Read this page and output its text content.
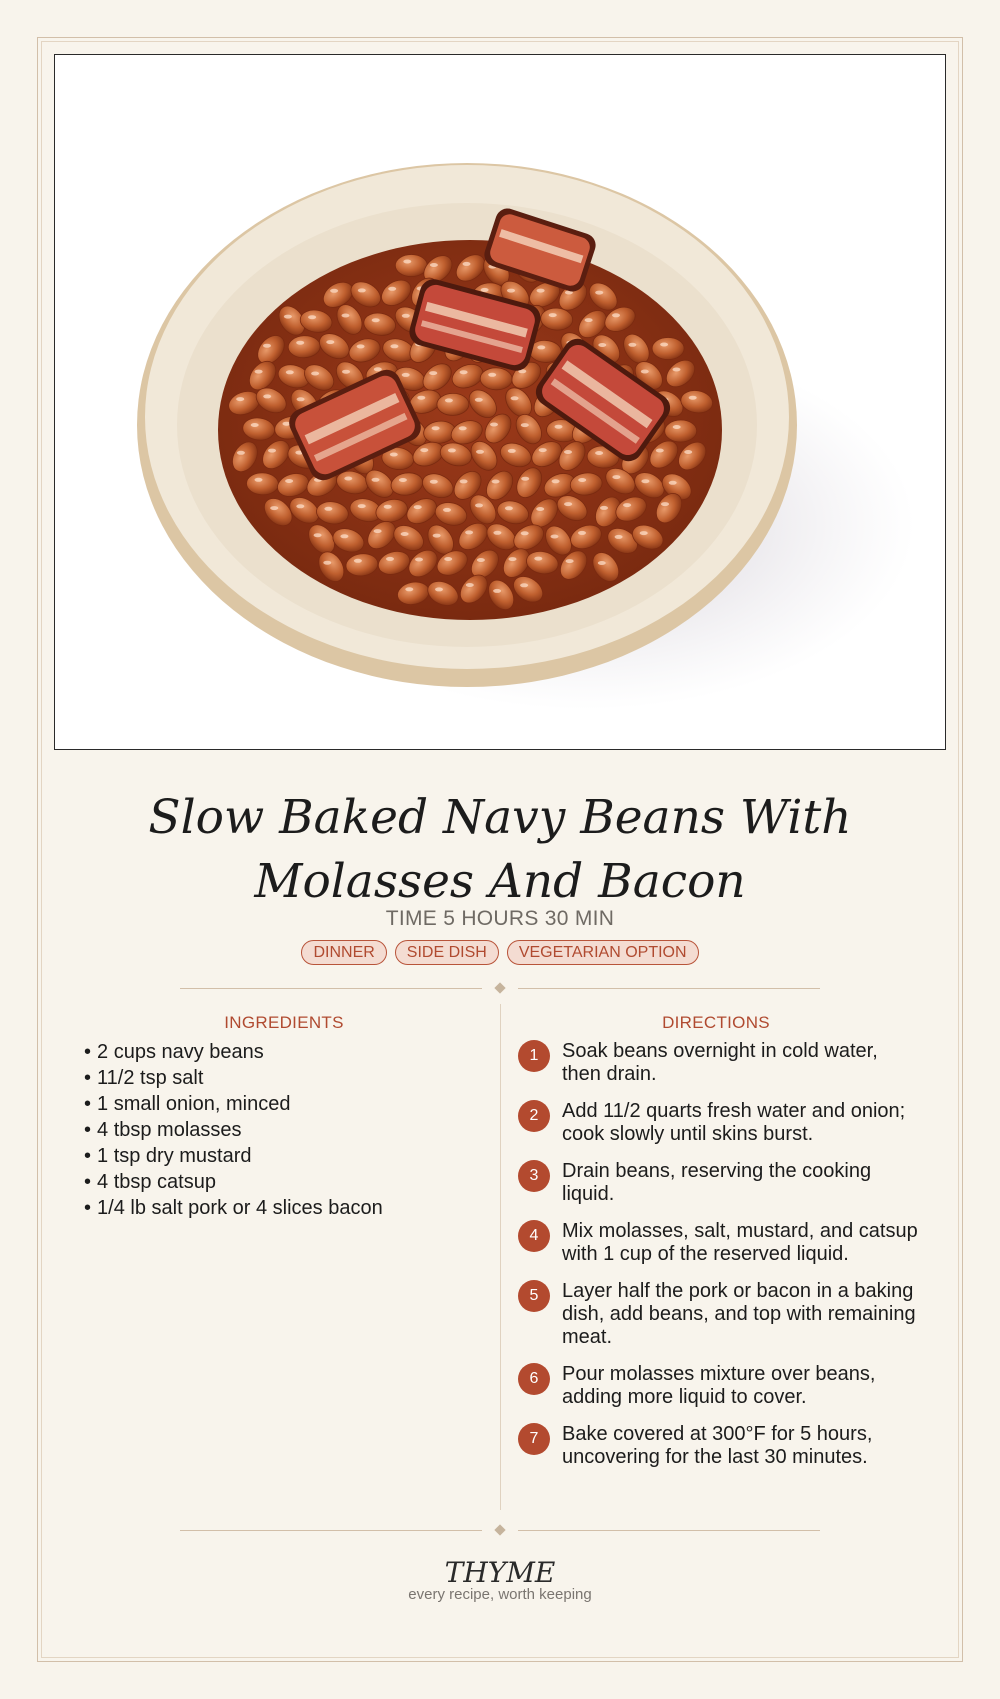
Slow Baked Navy Beans With Molasses And Bacon
TIME 5 HOURS 30 MIN
DINNER	SIDE DISH	VEGETARIAN OPTION
INGREDIENTS
• 2 cups navy beans
• 11/2 tsp salt
• 1 small onion, minced
• 4 tbsp molasses
• 1 tsp dry mustard
• 4 tbsp catsup
• 1/4 lb salt pork or 4 slices bacon
DIRECTIONS
1	Soak beans overnight in cold water, then drain.
2	Add 11/2 quarts fresh water and onion; cook slowly until skins burst.
3	Drain beans, reserving the cooking liquid.
4	Mix molasses, salt, mustard, and catsup with 1 cup of the reserved liquid.
5	Layer half the pork or bacon in a baking dish, add beans, and top with remaining meat.
6	Pour molasses mixture over beans, adding more liquid to cover.
7	Bake covered at 300°F for 5 hours, uncovering for the last 30 minutes.
THYME
every recipe, worth keeping
